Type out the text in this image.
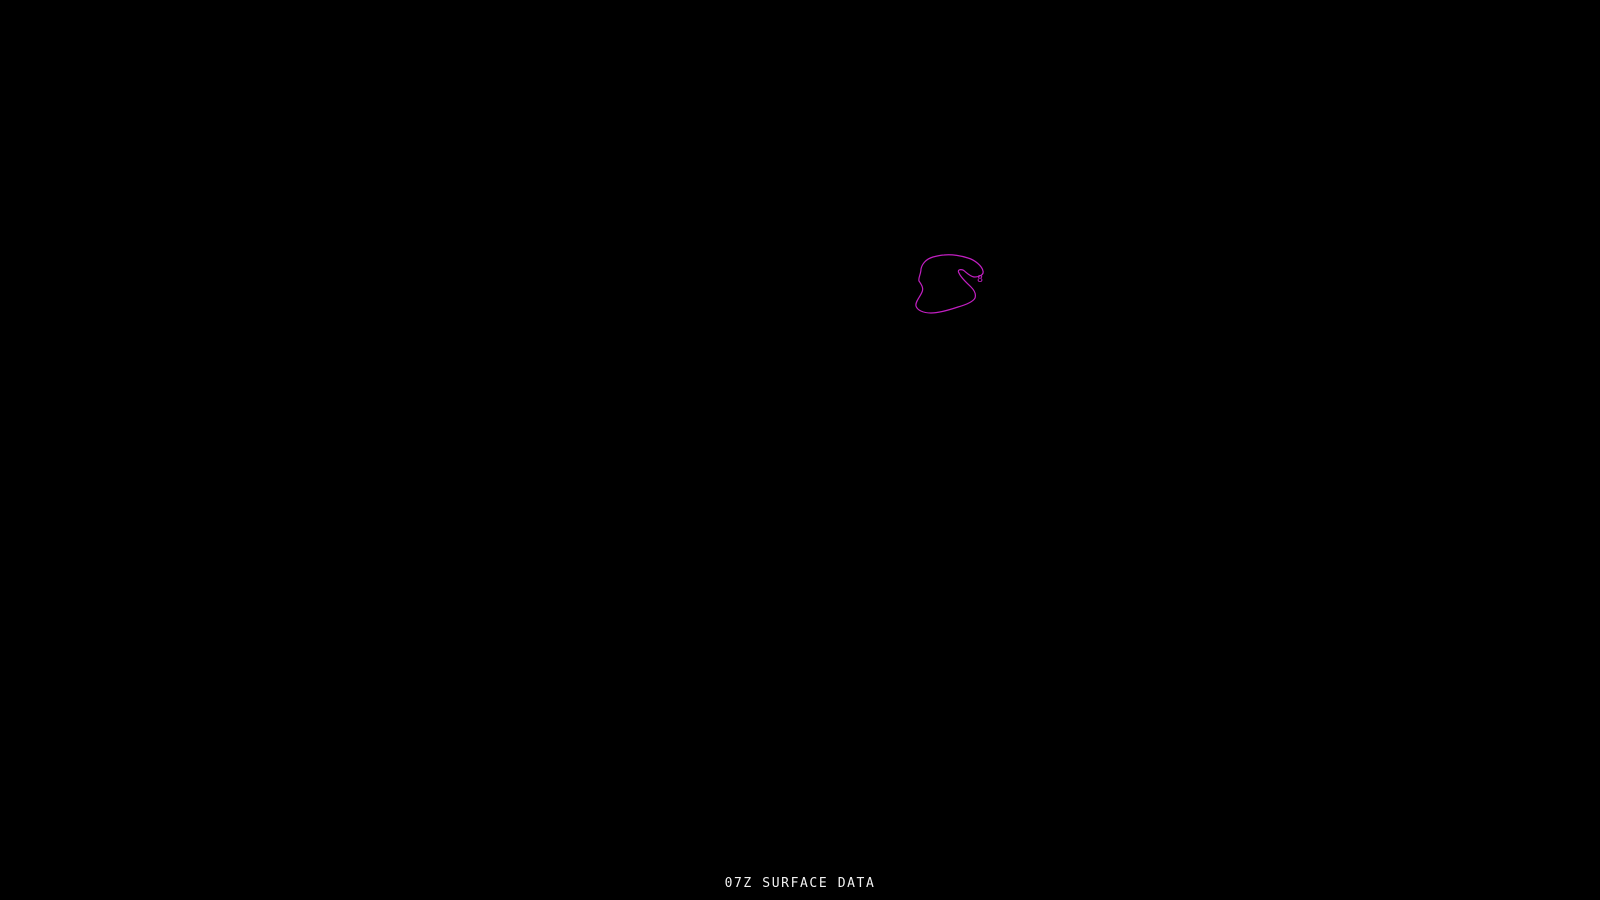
8
07Z SURFACE DATA
